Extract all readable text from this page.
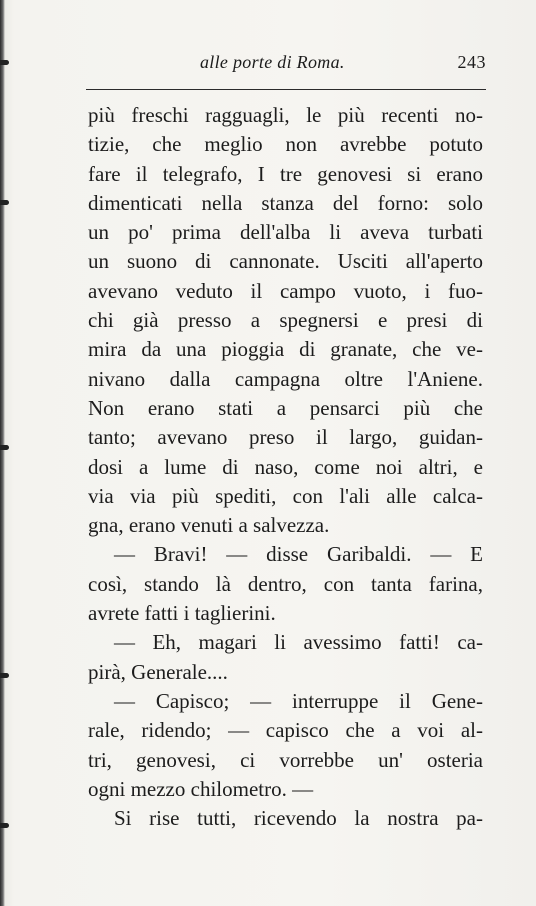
alle porte di Roma.	243
più freschi ragguagli, le più recenti no-
tizie, che meglio non avrebbe potuto
fare il telegrafo, I tre genovesi si erano
dimenticati nella stanza del forno: solo
un po' prima dell'alba li aveva turbati
un suono di cannonate. Usciti all'aperto
avevano veduto il campo vuoto, i fuo-
chi già presso a spegnersi e presi di
mira da una pioggia di granate, che ve-
nivano dalla campagna oltre l'Aniene.
Non erano stati a pensarci più che
tanto; avevano preso il largo, guidan-
dosi a lume di naso, come noi altri, e
via via più spediti, con l'ali alle calca-
gna, erano venuti a salvezza.
— Bravi! — disse Garibaldi. — E
così, stando là dentro, con tanta farina,
avrete fatti i taglierini.
— Eh, magari li avessimo fatti! ca-
pirà, Generale....
— Capisco; — interruppe il Gene-
rale, ridendo; — capisco che a voi al-
tri, genovesi, ci vorrebbe un' osteria
ogni mezzo chilometro. —
Si rise tutti, ricevendo la nostra pa-
